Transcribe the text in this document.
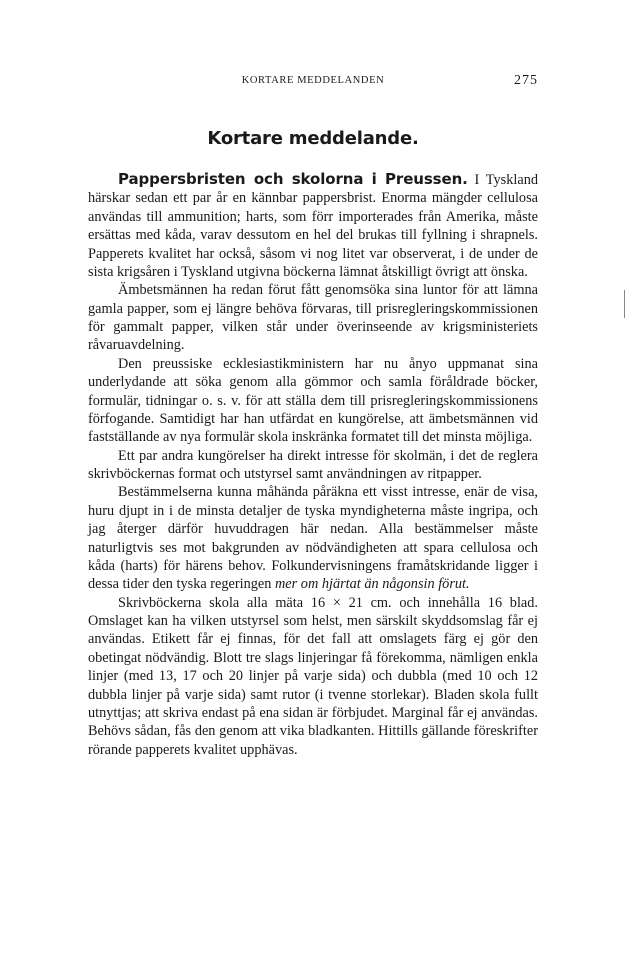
KORTARE MEDDELANDEN	275
Kortare meddelande.

Pappersbristen och skolorna i Preussen. I Tyskland härskar sedan ett par år en kännbar pappersbrist. Enorma mängder cellulosa användas till ammunition; harts, som förr importerades från Amerika, måste ersättas med kåda, varav dessutom en hel del brukas till fyllning i shrapnels. Papperets kvalitet har också, såsom vi nog litet var observerat, i de under de sista krigsåren i Tyskland utgivna böckerna lämnat åtskilligt övrigt att önska.

Ämbetsmännen ha redan förut fått genomsöka sina luntor för att lämna gamla papper, som ej längre behöva förvaras, till prisregleringskommissionen för gammalt papper, vilken står under överinseende av krigsministeriets råvaruavdelning.

Den preussiske ecklesiastikministern har nu ånyo uppmanat sina underlydande att söka genom alla gömmor och samla föråldrade böcker, formulär, tidningar o. s. v. för att ställa dem till prisregleringskommissionens förfogande. Samtidigt har han utfärdat en kungörelse, att ämbetsmännen vid fastställande av nya formulär skola inskränka formatet till det minsta möjliga.

Ett par andra kungörelser ha direkt intresse för skolmän, i det de reglera skrivböckernas format och utstyrsel samt användningen av ritpapper.

Bestämmelserna kunna måhända påräkna ett visst intresse, enär de visa, huru djupt in i de minsta detaljer de tyska myndigheterna måste ingripa, och jag återger därför huvuddragen här nedan. Alla bestämmelser måste naturligtvis ses mot bakgrunden av nödvändigheten att spara cellulosa och kåda (harts) för härens behov. Folkundervisningens framåtskridande ligger i dessa tider den tyska regeringen mer om hjärtat än någonsin förut.

Skrivböckerna skola alla mäta 16 × 21 cm. och innehålla 16 blad. Omslaget kan ha vilken utstyrsel som helst, men särskilt skyddsomslag får ej användas. Etikett får ej finnas, för det fall att omslagets färg ej gör den obetingat nödvändig. Blott tre slags linjeringar få förekomma, nämligen enkla linjer (med 13, 17 och 20 linjer på varje sida) och dubbla (med 10 och 12 dubbla linjer på varje sida) samt rutor (i tvenne storlekar). Bladen skola fullt utnyttjas; att skriva endast på ena sidan är förbjudet. Marginal får ej användas. Behövs sådan, fås den genom att vika bladkanten. Hittills gällande föreskrifter rörande papperets kvalitet upphävas.
